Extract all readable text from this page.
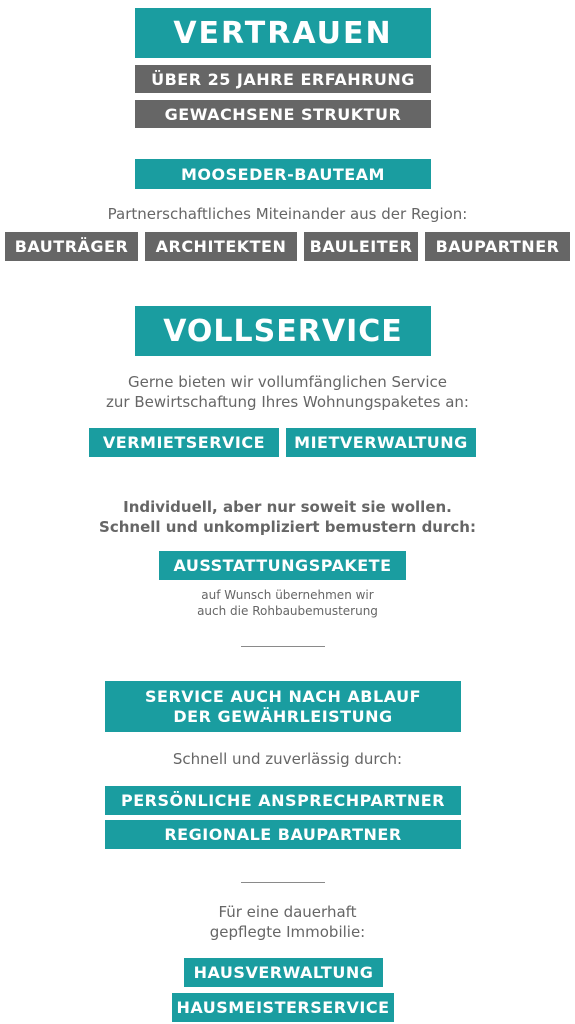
VERTRAUEN
ÜBER 25 JAHRE ERFAHRUNG
GEWACHSENE STRUKTUR
MOOSEDER-BAUTEAM
Partnerschaftliches Miteinander aus der Region:
BAUTRÄGER	ARCHITEKTEN	BAULEITER	BAUPARTNER
VOLLSERVICE
Gerne bieten wir vollumfänglichen Service
zur Bewirtschaftung Ihres Wohnungspaketes an:
VERMIETSERVICE	MIETVERWALTUNG
Individuell, aber nur soweit sie wollen.
Schnell und unkompliziert bemustern durch:
AUSSTATTUNGSPAKETE
auf Wunsch übernehmen wir
auch die Rohbaubemusterung
SERVICE AUCH NACH ABLAUF
DER GEWÄHRLEISTUNG
Schnell und zuverlässig durch:
PERSÖNLICHE ANSPRECHPARTNER
REGIONALE BAUPARTNER
Für eine dauerhaft
gepflegte Immobilie:
HAUSVERWALTUNG
HAUSMEISTERSERVICE
